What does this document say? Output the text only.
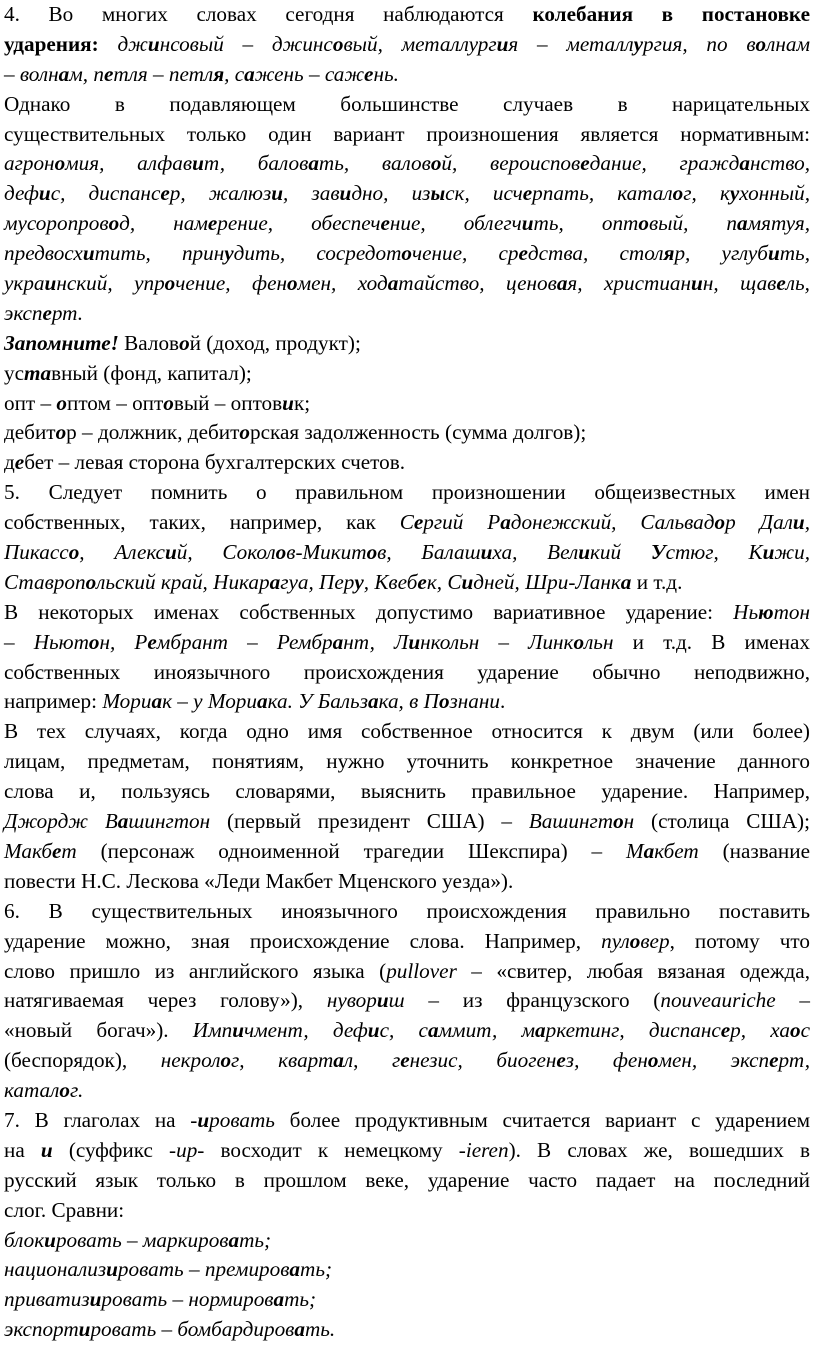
4. Во многих словах сегодня наблюдаются колебания в постановке
ударения: джинсовый – джинсовый, металлургия – металлургия, по волнам
– волнам, петля – петля, сажень – сажень.
Однако в подавляющем большинстве случаев в нарицательных
существительных только один вариант произношения является нормативным:
агрономия, алфавит, баловать, валовой, вероисповедание, гражданство,
дефис, диспансер, жалюзи, завидно, изыск, исчерпать, каталог, кухонный,
мусоропровод, намерение, обеспечение, облегчить, оптовый, памятуя,
предвосхитить, принудить, сосредоточение, средства, столяр, углубить,
украинский, упрочение, феномен, ходатайство, ценовая, христианин, щавель,
эксперт.
Запомните! Валовой (доход, продукт);
уставный (фонд, капитал);
опт – оптом – оптовый – оптовик;
дебитор – должник, дебиторская задолженность (сумма долгов);
дебет – левая сторона бухгалтерских счетов.
5. Следует помнить о правильном произношении общеизвестных имен
собственных, таких, например, как Сергий Радонежский, Сальвадор Дали,
Пикассо, Алексий, Соколов-Микитов, Балашиха, Великий Устюг, Кижи,
Ставропольский край, Никарагуа, Перу, Квебек, Сидней, Шри-Ланка и т.д.
В некоторых именах собственных допустимо вариативное ударение: Ньютон
– Ньютон, Рембрант – Рембрант, Линкольн – Линкольн и т.д. В именах
собственных иноязычного происхождения ударение обычно неподвижно,
например: Мориак – у Мориака. У Бальзака, в Познани.
В тех случаях, когда одно имя собственное относится к двум (или более)
лицам, предметам, понятиям, нужно уточнить конкретное значение данного
слова и, пользуясь словарями, выяснить правильное ударение. Например,
Джордж Вашингтон (первый президент США) – Вашингтон (столица США);
Макбет (персонаж одноименной трагедии Шекспира) – Макбет (название
повести Н.С. Лескова «Леди Макбет Мценского уезда»).
6. В существительных иноязычного происхождения правильно поставить
ударение можно, зная происхождение слова. Например, пуловер, потому что
слово пришло из английского языка (pullover – «свитер, любая вязаная одежда,
натягиваемая через голову»), нувориш – из французского (nouveauriche –
«новый богач»). Импичмент, дефис, саммит, маркетинг, диспансер, хаос
(беспорядок), некролог, квартал, генезис, биогенез, феномен, эксперт,
каталог.
7. В глаголах на -ировать более продуктивным считается вариант с ударением
на и (суффикс -ир- восходит к немецкому -ieren). В словах же, вошедших в
русский язык только в прошлом веке, ударение часто падает на последний
слог. Сравни:
блокировать – маркировать;
национализировать – премировать;
приватизировать – нормировать;
экспортировать – бомбардировать.
